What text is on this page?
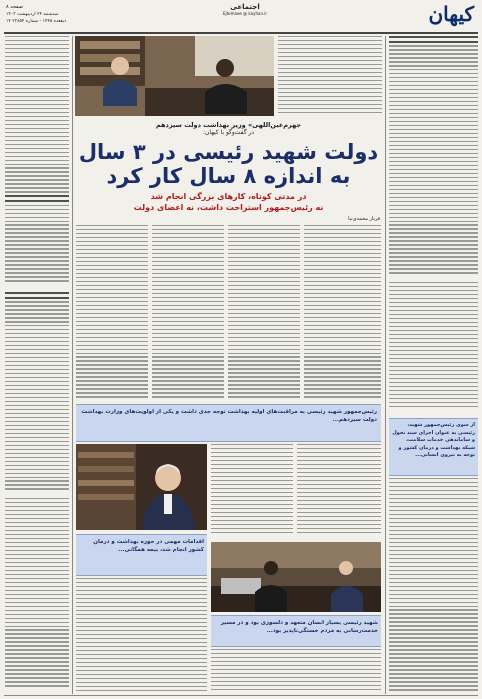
صفحه ۸
سه‌شنبه ۲۴ اردیبهشت ۱۴۰۳
۱۴ ذیقعده ۱۴۴۵ - شماره ۲۳۸۵۴
اجتماعی
Ejtemaee @ kayhan.ir	کیهان
جهرم‌عین‌اللهی» وزیر بهداشت دولت سیزدهم
در گفت‌وگو با کیهان:
دولت شهید رئیسی در ۳ سال
به اندازه ۸ سال کار کرد
در مدتی کوتاه، کارهای بزرگی انجام شد
نه رئیس‌جمهور استراحت داشت، نه اعضای دولت
فرناز محمدی‌نیا
رئیس‌جمهور شهید رئیسی به مراقبت‌های اولیه بهداشت توجه جدی داشت و یکی از اولویت‌های وزارت بهداشت دولت سیزدهم...
از سوی رئیس‌جمهور شهید، رئیسی به عنوان اجرای سند تحول و ساماندهی خدمات سلامت، شبکه بهداشت و درمان کشور و توجه به نیروی انسانی...
اقدامات مهمی در حوزه بهداشت و درمان کشور انجام شد، بیمه همگانی...
شهید رئیسی بسیار انسان متعهد و دلسوزی بود و در مسیر خدمت‌رسانی به مردم خستگی‌ناپذیر بود...
